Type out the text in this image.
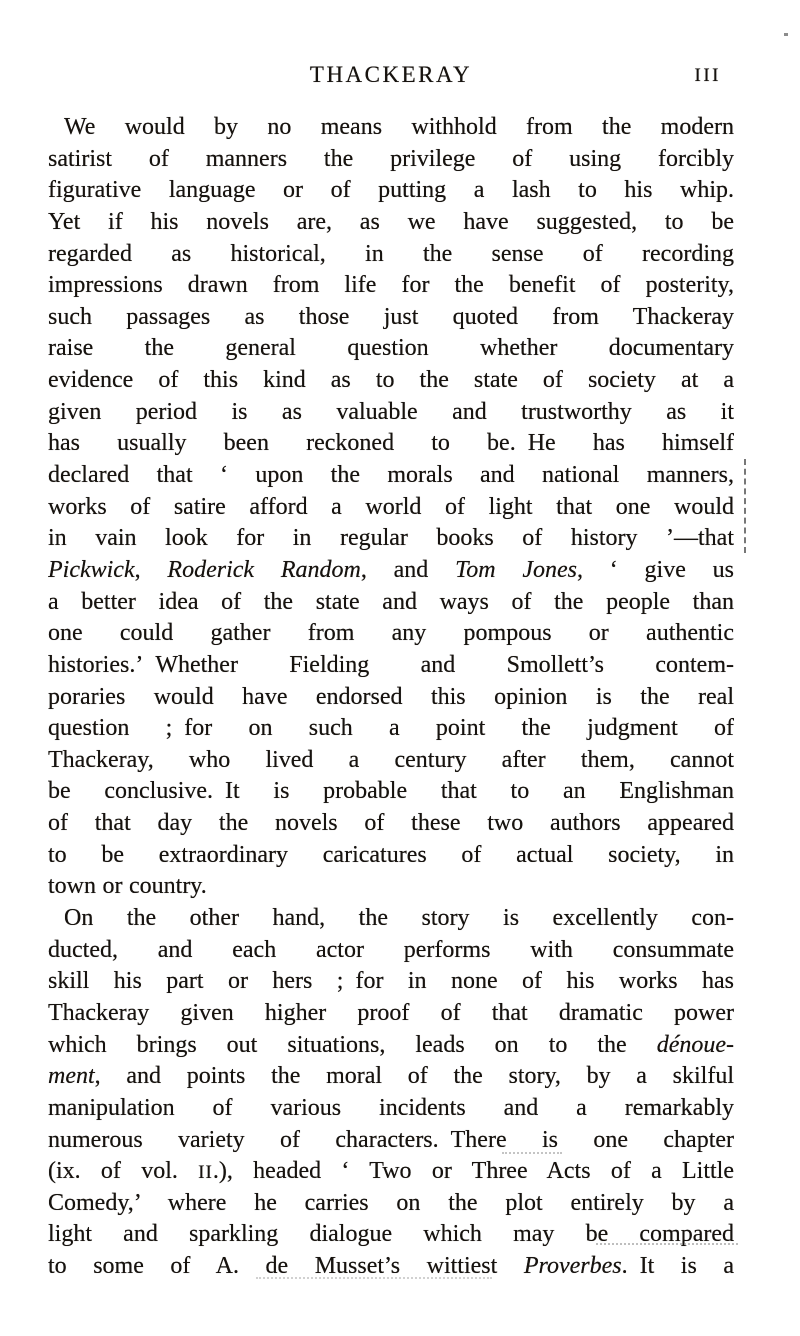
THACKERAY	III
We would by no means withhold from the modern
satirist of manners the privilege of using forcibly
figurative language or of putting a lash to his whip.
Yet if his novels are, as we have suggested, to be
regarded as historical, in the sense of recording
impressions drawn from life for the benefit of posterity,
such passages as those just quoted from Thackeray
raise the general question whether documentary
evidence of this kind as to the state of society at a
given period is as valuable and trustworthy as it
has usually been reckoned to be. He has himself
declared that ‘ upon the morals and national manners,
works of satire afford a world of light that one would
in vain look for in regular books of history ’—that
Pickwick, Roderick Random, and Tom Jones, ‘ give us
a better idea of the state and ways of the people than
one could gather from any pompous or authentic
histories.’ Whether Fielding and Smollett’s contem-
poraries would have endorsed this opinion is the real
question ; for on such a point the judgment of
Thackeray, who lived a century after them, cannot
be conclusive. It is probable that to an Englishman
of that day the novels of these two authors appeared
to be extraordinary caricatures of actual society, in
town or country.
On the other hand, the story is excellently con-
ducted, and each actor performs with consummate
skill his part or hers ; for in none of his works has
Thackeray given higher proof of that dramatic power
which brings out situations, leads on to the dénoue-
ment, and points the moral of the story, by a skilful
manipulation of various incidents and a remarkably
numerous variety of characters. There is one chapter
(ix. of vol. II.), headed ‘ Two or Three Acts of a Little
Comedy,’ where he carries on the plot entirely by a
light and sparkling dialogue which may be compared
to some of A. de Musset’s wittiest Proverbes. It is a
